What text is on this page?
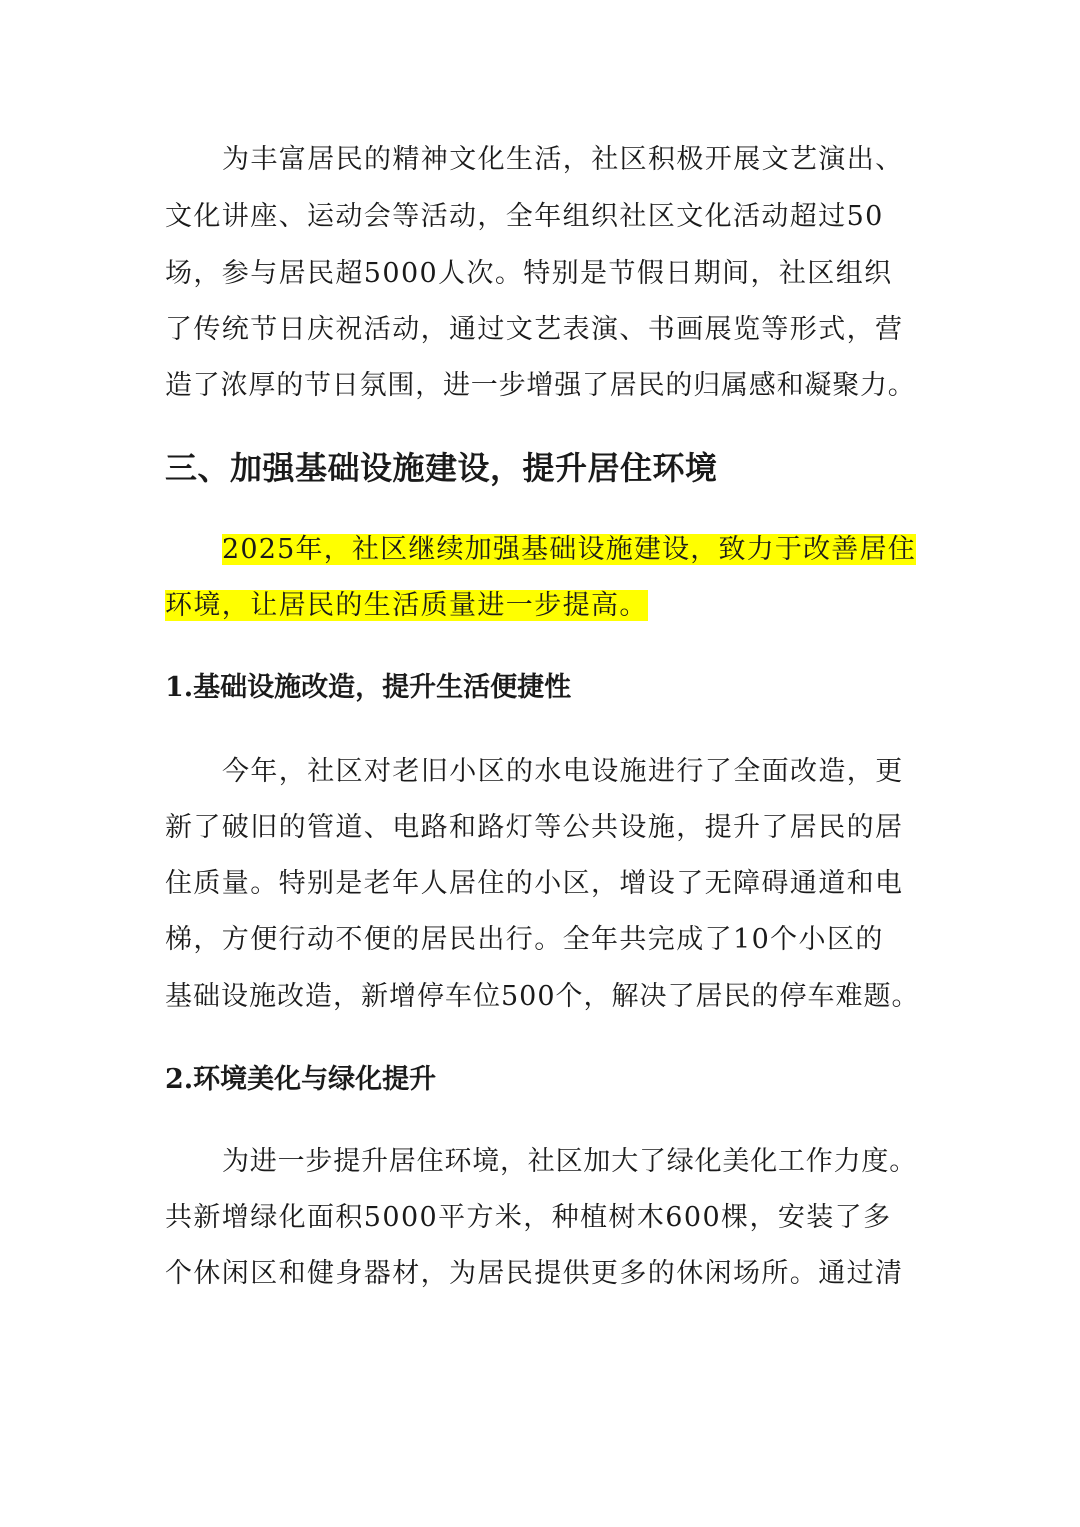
为丰富居民的精神文化生活，社区积极开展文艺演出、
文化讲座、运动会等活动，全年组织社区文化活动超过50
场，参与居民超5000人次。特别是节假日期间，社区组织
了传统节日庆祝活动，通过文艺表演、书画展览等形式，营
造了浓厚的节日氛围，进一步增强了居民的归属感和凝聚力。
三、加强基础设施建设，提升居住环境
2025年，社区继续加强基础设施建设，致力于改善居住
环境，让居民的生活质量进一步提高。
1.基础设施改造，提升生活便捷性
今年，社区对老旧小区的水电设施进行了全面改造，更
新了破旧的管道、电路和路灯等公共设施，提升了居民的居
住质量。特别是老年人居住的小区，增设了无障碍通道和电
梯，方便行动不便的居民出行。全年共完成了10个小区的
基础设施改造，新增停车位500个，解决了居民的停车难题。
2.环境美化与绿化提升
为进一步提升居住环境，社区加大了绿化美化工作力度。
共新增绿化面积5000平方米，种植树木600棵，安装了多
个休闲区和健身器材，为居民提供更多的休闲场所。通过清
